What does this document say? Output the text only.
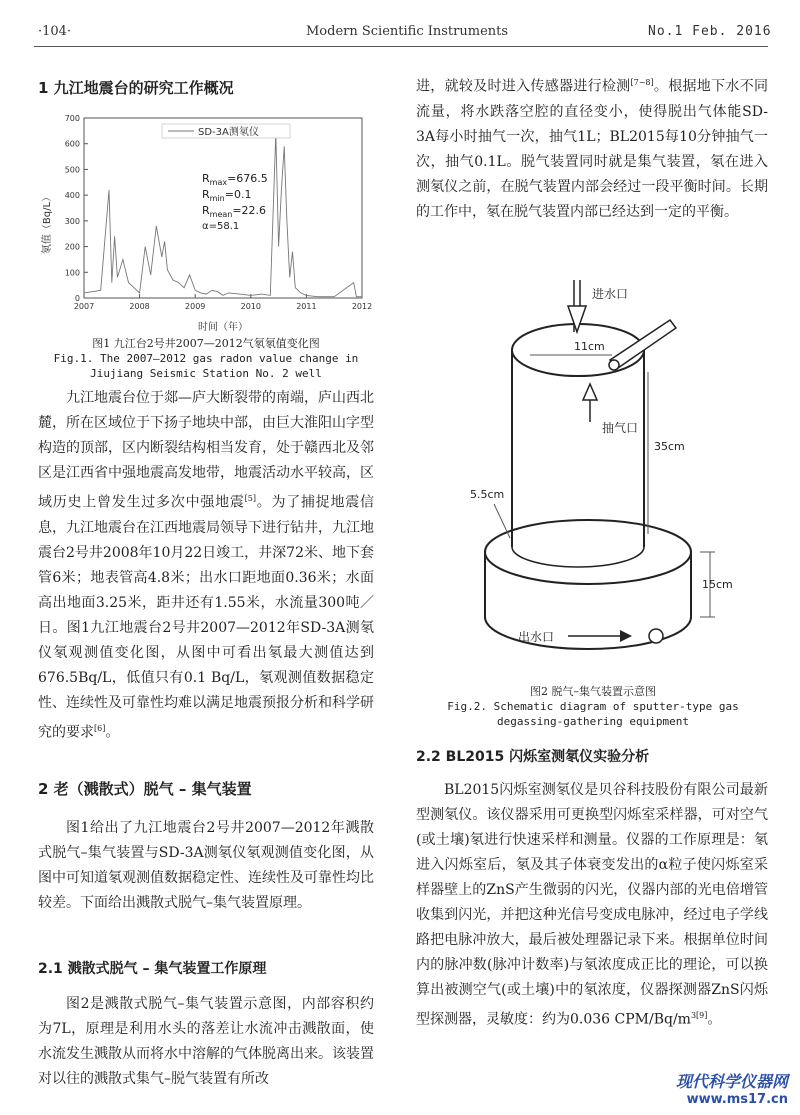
·104·	Modern Scientific Instruments	No.1 Feb. 2016
1 九江地震台的研究工作概况
0
100
200
300
400
500
600
700
2007	2008	2009	2010	2011	2012
SD-3A测氡仪
$R_{max}=676.5$
$R_{min}=0.1$
$R_{mean}=22.6$
α=58.1
氡值（Bq/L）
时间（年）
图1 九江台2号井2007—2012气氡氡值变化图
Fig.1. The 2007—2012 gas radon value change in Jiujiang Seismic Station No. 2 well
九江地震台位于郯—庐大断裂带的南端，庐山西北麓，所在区域位于下扬子地块中部，由巨大淮阳山字型构造的顶部，区内断裂结构相当发育，处于赣西北及邻区是江西省中强地震高发地带，地震活动水平较高，区域历史上曾发生过多次中强地震[5]。为了捕捉地震信息，九江地震台在江西地震局领导下进行钻井，九江地震台2号井2008年10月22日竣工，井深72米、地下套管6米；地表管高4.8米；出水口距地面0.36米；水面高出地面3.25米，距井还有1.55米，水流量300吨／日。图1九江地震台2号井2007—2012年SD-3A测氡仪氡观测值变化图，从图中可看出氡最大测值达到676.5Bq/L，低值只有0.1 Bq/L，氡观测值数据稳定性、连续性及可靠性均难以满足地震预报分析和科学研究的要求[6]。
2 老（溅散式）脱气 – 集气装置
图1给出了九江地震台2号井2007—2012年溅散式脱气–集气装置与SD-3A测氡仪氡观测值变化图，从图中可知道氡观测值数据稳定性、连续性及可靠性均比较差。下面给出溅散式脱气–集气装置原理。
2.1 溅散式脱气 – 集气装置工作原理
图2是溅散式脱气–集气装置示意图，内部容积约为7L，原理是利用水头的落差让水流冲击溅散面，使水流发生溅散从而将水中溶解的气体脱离出来。该装置对以往的溅散式集气–脱气装置有所改
进，就较及时进入传感器进行检测[7−8]。根据地下水不同流量，将水跌落空腔的直径变小，使得脱出气体能SD-3A每小时抽气一次，抽气1L；BL2015每10分钟抽气一次，抽气0.1L。脱气装置同时就是集气装置，氡在进入测氡仪之前，在脱气装置内部会经过一段平衡时间。长期的工作中，氡在脱气装置内部已经达到一定的平衡。
进水口
11cm
抽气口
35cm
5.5cm
15cm
出水口
图2 脱气–集气装置示意图
Fig.2. Schematic diagram of sputter-type gas degassing-gathering equipment
2.2 BL2015 闪烁室测氡仪实验分析
BL2015闪烁室测氡仪是贝谷科技股份有限公司最新型测氡仪。该仪器采用可更换型闪烁室采样器，可对空气(或土壤)氡进行快速采样和测量。仪器的工作原理是：氡进入闪烁室后，氡及其子体衰变发出的α粒子使闪烁室采样器壁上的ZnS产生微弱的闪光，仪器内部的光电倍增管收集到闪光，并把这种光信号变成电脉冲，经过电子学线路把电脉冲放大，最后被处理器记录下来。根据单位时间内的脉冲数(脉冲计数率)与氡浓度成正比的理论，可以换算出被测空气(或土壤)中的氡浓度，仪器探测器ZnS闪烁型探测器，灵敏度：约为0.036 CPM/$Bq/m^{3[9]}$。
现代科学仪器网
www.ms17.cn
